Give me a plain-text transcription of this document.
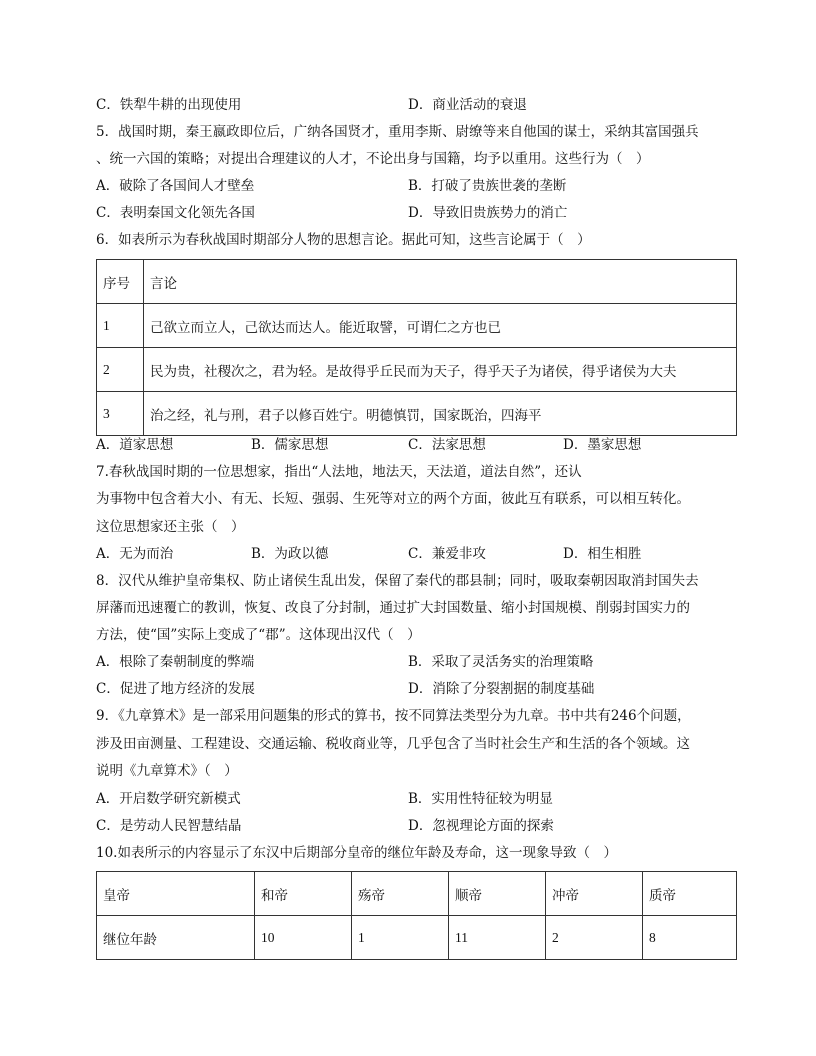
C．铁犁牛耕的出现使用	D．商业活动的衰退
5．战国时期，秦王嬴政即位后，广纳各国贤才，重用李斯、尉缭等来自他国的谋士，采纳其富国强兵
、统一六国的策略；对提出合理建议的人才，不论出身与国籍，均予以重用。这些行为（　）
A．破除了各国间人才壁垒	B．打破了贵族世袭的垄断
C．表明秦国文化领先各国	D．导致旧贵族势力的消亡
6．如表所示为春秋战国时期部分人物的思想言论。据此可知，这些言论属于（　）
序号	言论
1	己欲立而立人，己欲达而达人。能近取譬，可谓仁之方也已
2	民为贵，社稷次之，君为轻。是故得乎丘民而为天子，得乎天子为诸侯，得乎诸侯为大夫
3	治之经，礼与刑，君子以修百姓宁。明德慎罚，国家既治，四海平
A．道家思想	B．儒家思想	C．法家思想	D．墨家思想
7.春秋战国时期的一位思想家，指出“人法地，地法天，天法道，道法自然”，还认
为事物中包含着大小、有无、长短、强弱、生死等对立的两个方面，彼此互有联系，可以相互转化。
这位思想家还主张（　）
A．无为而治	B．为政以德	C．兼爱非攻	D．相生相胜
8．汉代从维护皇帝集权、防止诸侯生乱出发，保留了秦代的郡县制；同时，吸取秦朝因取消封国失去
屏藩而迅速覆亡的教训，恢复、改良了分封制，通过扩大封国数量、缩小封国规模、削弱封国实力的
方法，使“国”实际上变成了“郡”。这体现出汉代（　）
A．根除了秦朝制度的弊端	B．采取了灵活务实的治理策略
C．促进了地方经济的发展	D．消除了分裂割据的制度基础
9．《九章算术》是一部采用问题集的形式的算书，按不同算法类型分为九章。书中共有246个问题，
涉及田亩测量、工程建设、交通运输、税收商业等，几乎包含了当时社会生产和生活的各个领域。这
说明《九章算术》（　）
A．开启数学研究新模式	B．实用性特征较为明显
C．是劳动人民智慧结晶	D．忽视理论方面的探索
10.如表所示的内容显示了东汉中后期部分皇帝的继位年龄及寿命，这一现象导致（　）
皇帝	和帝	殇帝	顺帝	冲帝	质帝
继位年龄	10	1	11	2	8
